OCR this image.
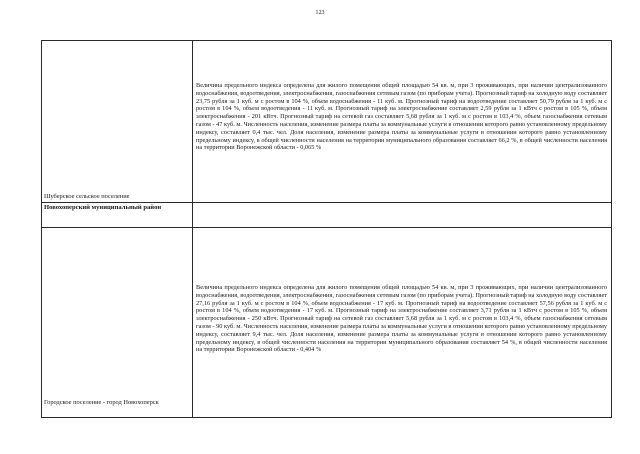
123
Шуберское сельское поселение
Величина предельного индекса определена для жилого помещения общей площадью 54 кв. м, при 3 проживающих, при наличии централизованного водоснабжения, водоотведения, электроснабжения, газоснабжения сетевым газом (по приборам учета). Прогнозный тариф на холодную воду составляет 23,75 рубля за 1 куб. м с ростом в 104 %, объем водоснабжения - 11 куб. м. Прогнозный тариф на водоотведение составляет 50,79 рубля за 1 куб. м с ростом в 104 %, объем водоотведения - 11 куб. м. Прогнозный тариф на электроснабжение составляет 2,59 рубля за 1 кВтч с ростом в 105 %, объем электроснабжения - 201 кВтч. Прогнозный тариф на сетевой газ составляет 5,68 рубля за 1 куб. м с ростом в 103,4 %, объем газоснабжения сетевым газом - 47 куб. м. Численность населения, изменение размера платы за коммунальные услуги в отношении которого равно установленному предельному индексу, составляет 0,4 тыс. чел. Доля населения, изменение размера платы за коммунальные услуги в отношении которого равно установленному предельному индексу, в общей численности населения на территории муниципального образования составляет 66,2 %, в общей численности населения на территории Воронежской области - 0,065 %
Новохоперский муниципальный район
Городское поселение - город Новохоперск
Величина предельного индекса определена для жилого помещения общей площадью 54 кв. м, при 3 проживающих, при наличии централизованного водоснабжения, водоотведения, электроснабжения, газоснабжения сетевым газом (по приборам учета). Прогнозный тариф на холодную воду составляет 27,16 рубля за 1 куб. м с ростом в 104 %, объем водоснабжения - 17 куб. м. Прогнозный тариф на водоотведение составляет 57,56 рубля за 1 куб. м с ростом в 104 %, объем водоотведения - 17 куб. м. Прогнозный тариф на электроснабжение составляет 3,71 рубля за 1 кВтч с ростом в 105 %, объем электроснабжения - 250 кВтч. Прогнозный тариф на сетевой газ составляет 5,68 рубля за 1 куб. м с ростом в 103,4 %, объем газоснабжения сетевым газом - 90 куб. м. Численность населения, изменение размера платы за коммунальные услуги в отношении которого равно установленному предельному индексу, составляет 9,4 тыс. чел. Доля населения, изменение размера платы за коммунальные услуги в отношении которого равно установленному предельному индексу, в общей численности населения на территории муниципального образования составляет 54 %, в общей численности населения на территории Воронежской области - 0,404 %
